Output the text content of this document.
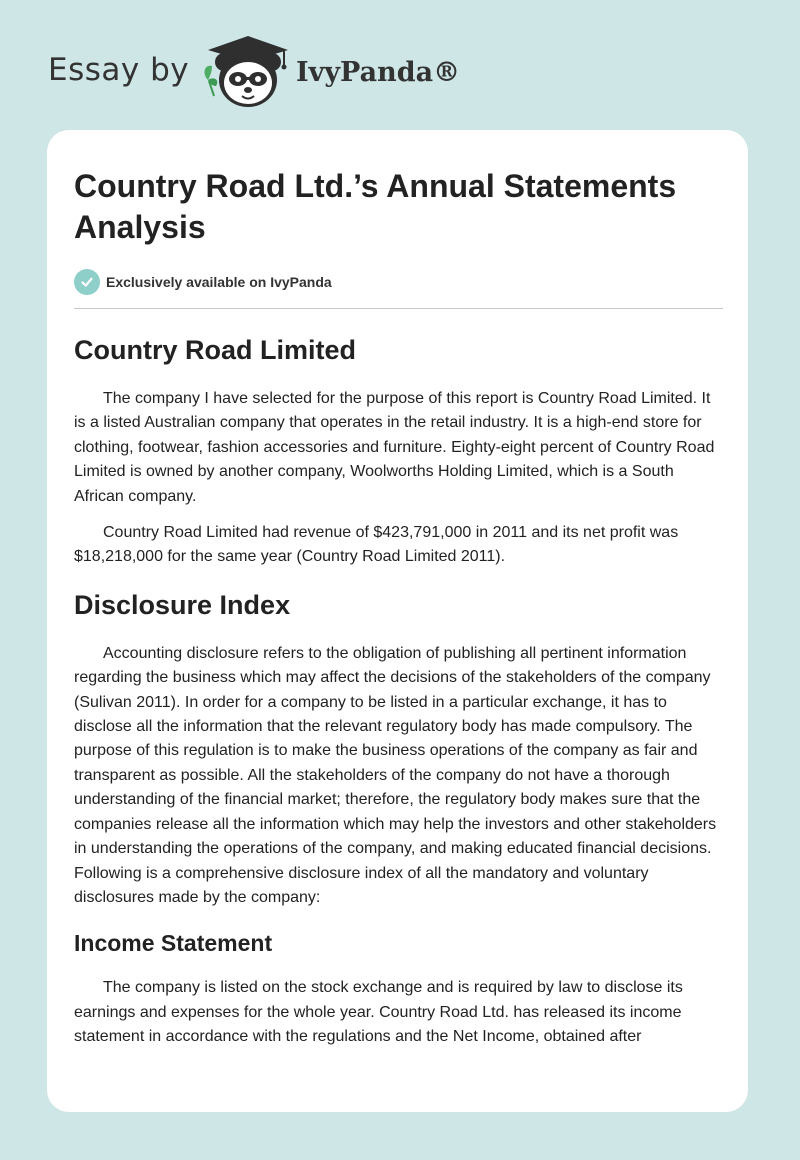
Essay by	IvyPanda®
Country Road Ltd.’s Annual Statements Analysis
Exclusively available on IvyPanda
Country Road Limited

The company I have selected for the purpose of this report is Country Road Limited. It is a listed Australian company that operates in the retail industry. It is a high-end store for clothing, footwear, fashion accessories and furniture. Eighty-eight percent of Country Road Limited is owned by another company, Woolworths Holding Limited, which is a South African company.

Country Road Limited had revenue of $423,791,000 in 2011 and its net profit was $18,218,000 for the same year (Country Road Limited 2011).

Disclosure Index

Accounting disclosure refers to the obligation of publishing all pertinent information regarding the business which may affect the decisions of the stakeholders of the company (Sulivan 2011). In order for a company to be listed in a particular exchange, it has to disclose all the information that the relevant regulatory body has made compulsory. The purpose of this regulation is to make the business operations of the company as fair and transparent as possible. All the stakeholders of the company do not have a thorough understanding of the financial market; therefore, the regulatory body makes sure that the companies release all the information which may help the investors and other stakeholders in understanding the operations of the company, and making educated financial decisions. Following is a comprehensive disclosure index of all the mandatory and voluntary disclosures made by the company:

Income Statement

The company is listed on the stock exchange and is required by law to disclose its earnings and expenses for the whole year. Country Road Ltd. has released its income statement in accordance with the regulations and the Net Income, obtained after
